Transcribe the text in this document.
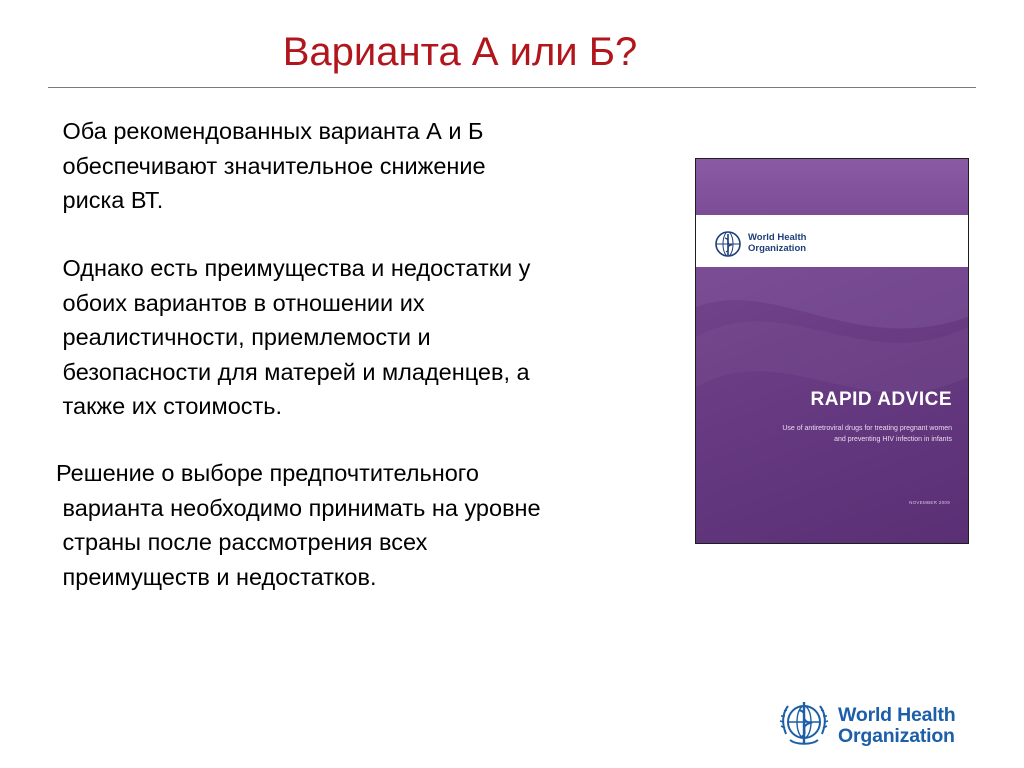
Варианта А или Б?
Оба рекомендованных варианта А и Б
обеспечивают значительное снижение
риска ВТ.
Однако есть преимущества и недостатки у
обоих вариантов в отношении их
реалистичности, приемлемости и
безопасности для матерей и младенцев, а
также их стоимость.
Решение о выборе предпочтительного
варианта необходимо принимать на уровне
страны после рассмотрения всех
преимуществ и недостатков.
World Health
Organization
RAPID ADVICE
Use of antiretroviral drugs for treating pregnant women
and preventing HIV infection in infants
NOVEMBER 2009
World Health
Organization
